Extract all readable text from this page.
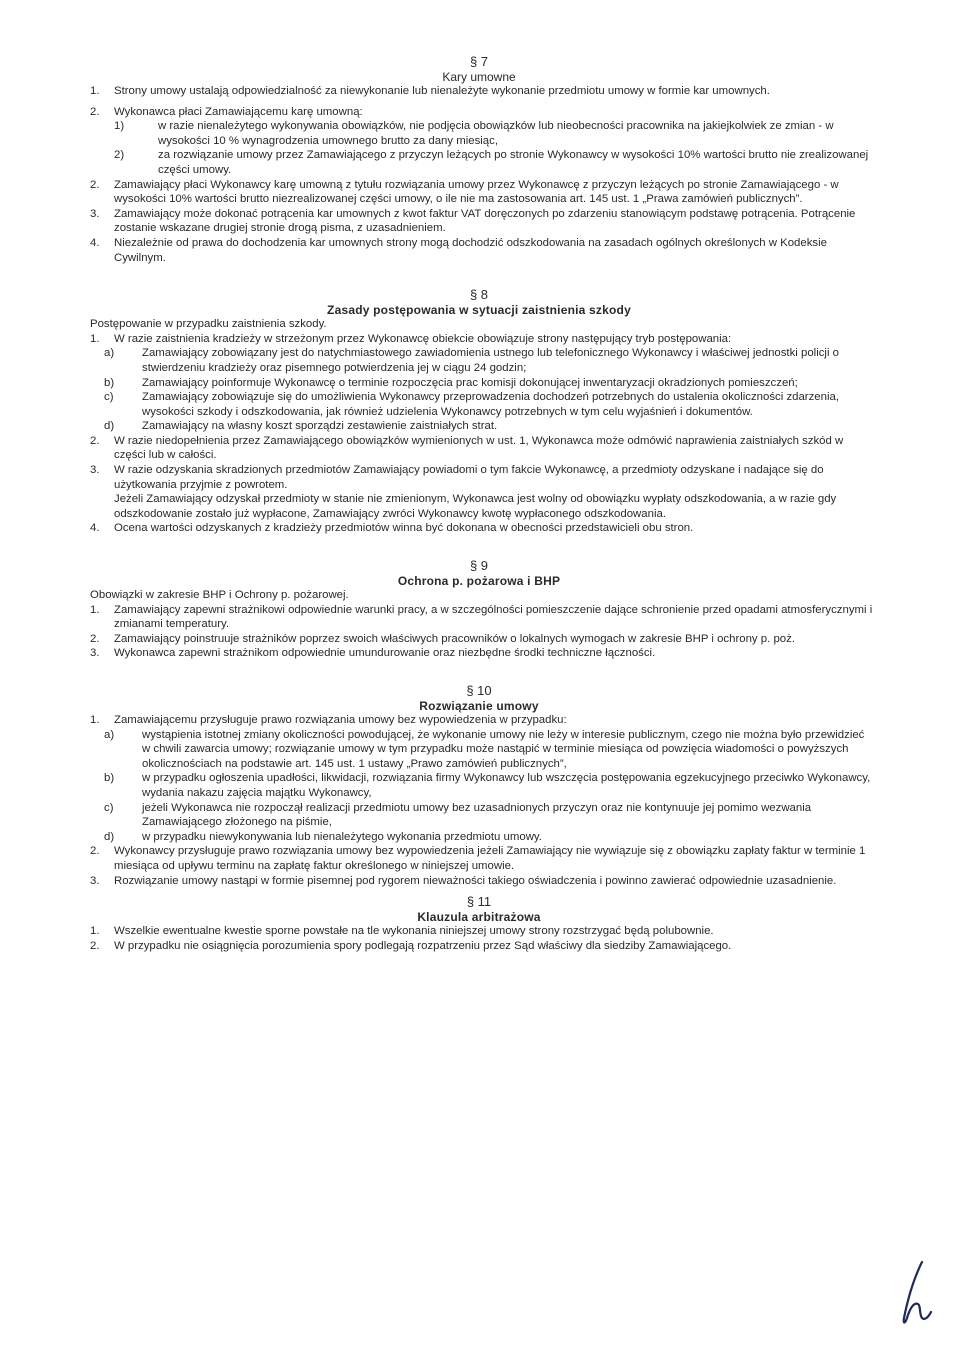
§ 7
Kary umowne
1.	Strony umowy ustalają odpowiedzialność za niewykonanie lub nienależyte wykonanie przedmiotu umowy w formie kar umownych.
2.	Wykonawca płaci Zamawiającemu karę umowną:
1)	w razie nienależytego wykonywania obowiązków, nie podjęcia obowiązków lub nieobecności pracownika na jakiejkolwiek ze zmian - w wysokości 10 % wynagrodzenia umownego brutto za dany miesiąc,
2)	za rozwiązanie umowy przez Zamawiającego z przyczyn leżących po stronie Wykonawcy w wysokości 10% wartości brutto nie zrealizowanej części umowy.
2.	Zamawiający płaci Wykonawcy karę umowną z tytułu rozwiązania umowy przez Wykonawcę z przyczyn leżących po stronie Zamawiającego - w wysokości 10% wartości brutto niezrealizowanej części umowy, o ile nie ma zastosowania art. 145 ust. 1 „Prawa zamówień publicznych”.
3.	Zamawiający może dokonać potrącenia kar umownych z kwot faktur VAT doręczonych po zdarzeniu stanowiącym podstawę potrącenia. Potrącenie zostanie wskazane drugiej stronie drogą pisma, z uzasadnieniem.
4.	Niezależnie od prawa do dochodzenia kar umownych strony mogą dochodzić odszkodowania na zasadach ogólnych określonych w Kodeksie Cywilnym.
§ 8
Zasady postępowania w sytuacji zaistnienia szkody
Postępowanie w przypadku zaistnienia szkody.
1.	W razie zaistnienia kradzieży w strzeżonym przez Wykonawcę obiekcie obowiązuje strony następujący tryb postępowania:
a) Zamawiający zobowiązany jest do natychmiastowego zawiadomienia ustnego lub telefonicznego Wykonawcy i właściwej jednostki policji o stwierdzeniu kradzieży oraz pisemnego potwierdzenia jej w ciągu 24 godzin;
b) Zamawiający poinformuje Wykonawcę o terminie rozpoczęcia prac komisji dokonującej inwentaryzacji okradzionych pomieszczeń;
c)	Zamawiający zobowiązuje się do umożliwienia Wykonawcy przeprowadzenia dochodzeń potrzebnych do ustalenia okoliczności zdarzenia, wysokości szkody i odszkodowania, jak również udzielenia Wykonawcy potrzebnych w tym celu wyjaśnień i dokumentów.
d) Zamawiający na własny koszt sporządzi zestawienie zaistniałych strat.
2.	W razie niedopełnienia przez Zamawiającego obowiązków wymienionych w ust. 1, Wykonawca może odmówić naprawienia zaistniałych szkód w części lub w całości.
3.	W razie odzyskania skradzionych przedmiotów Zamawiający powiadomi o tym fakcie Wykonawcę, a przedmioty odzyskane i nadające się do użytkowania przyjmie z powrotem.
Jeżeli Zamawiający odzyskał przedmioty w stanie nie zmienionym, Wykonawca jest wolny od obowiązku wypłaty odszkodowania, a w razie gdy odszkodowanie zostało już wypłacone, Zamawiający zwróci Wykonawcy kwotę wypłaconego odszkodowania.
4.	Ocena wartości odzyskanych z kradzieży przedmiotów winna być dokonana w obecności przedstawicieli obu stron.
§ 9
Ochrona p. pożarowa i BHP
Obowiązki w zakresie BHP i Ochrony p. pożarowej.
1.	Zamawiający zapewni strażnikowi odpowiednie warunki pracy, a w szczególności pomieszczenie dające schronienie przed opadami atmosferycznymi i zmianami temperatury.
2.	Zamawiający poinstruuje strażników poprzez swoich właściwych pracowników o lokalnych wymogach w zakresie BHP i ochrony p. poż.
3.	Wykonawca zapewni strażnikom odpowiednie umundurowanie oraz niezbędne środki techniczne łączności.
§ 10
Rozwiązanie umowy
1.	Zamawiającemu przysługuje prawo rozwiązania umowy bez wypowiedzenia w przypadku:
a) wystąpienia istotnej zmiany okoliczności powodującej, że wykonanie umowy nie leży w interesie publicznym, czego nie można było przewidzieć w chwili zawarcia umowy; rozwiązanie umowy w tym przypadku może nastąpić w terminie miesiąca od powzięcia wiadomości o powyższych okolicznościach na podstawie art. 145 ust. 1 ustawy „Prawo zamówień publicznych”,
b) w przypadku ogłoszenia upadłości, likwidacji, rozwiązania firmy Wykonawcy lub wszczęcia postępowania egzekucyjnego przeciwko Wykonawcy, wydania nakazu zajęcia majątku Wykonawcy,
c)	jeżeli Wykonawca nie rozpoczął realizacji przedmiotu umowy bez uzasadnionych przyczyn oraz nie kontynuuje jej pomimo wezwania Zamawiającego złożonego na piśmie,
d) w przypadku niewykonywania lub nienależytego wykonania przedmiotu umowy.
2.	Wykonawcy przysługuje prawo rozwiązania umowy bez wypowiedzenia jeżeli Zamawiający nie wywiązuje się z obowiązku zapłaty faktur w terminie 1 miesiąca od upływu terminu na zapłatę faktur określonego w niniejszej umowie.
3.	Rozwiązanie umowy nastąpi w formie pisemnej pod rygorem nieważności takiego oświadczenia i powinno zawierać odpowiednie uzasadnienie.
§ 11
Klauzula arbitrażowa
1.	Wszelkie ewentualne kwestie sporne powstałe na tle wykonania niniejszej umowy strony rozstrzygać będą polubownie.
2.	W przypadku nie osiągnięcia porozumienia spory podlegają rozpatrzeniu przez Sąd właściwy dla siedziby Zamawiającego.
